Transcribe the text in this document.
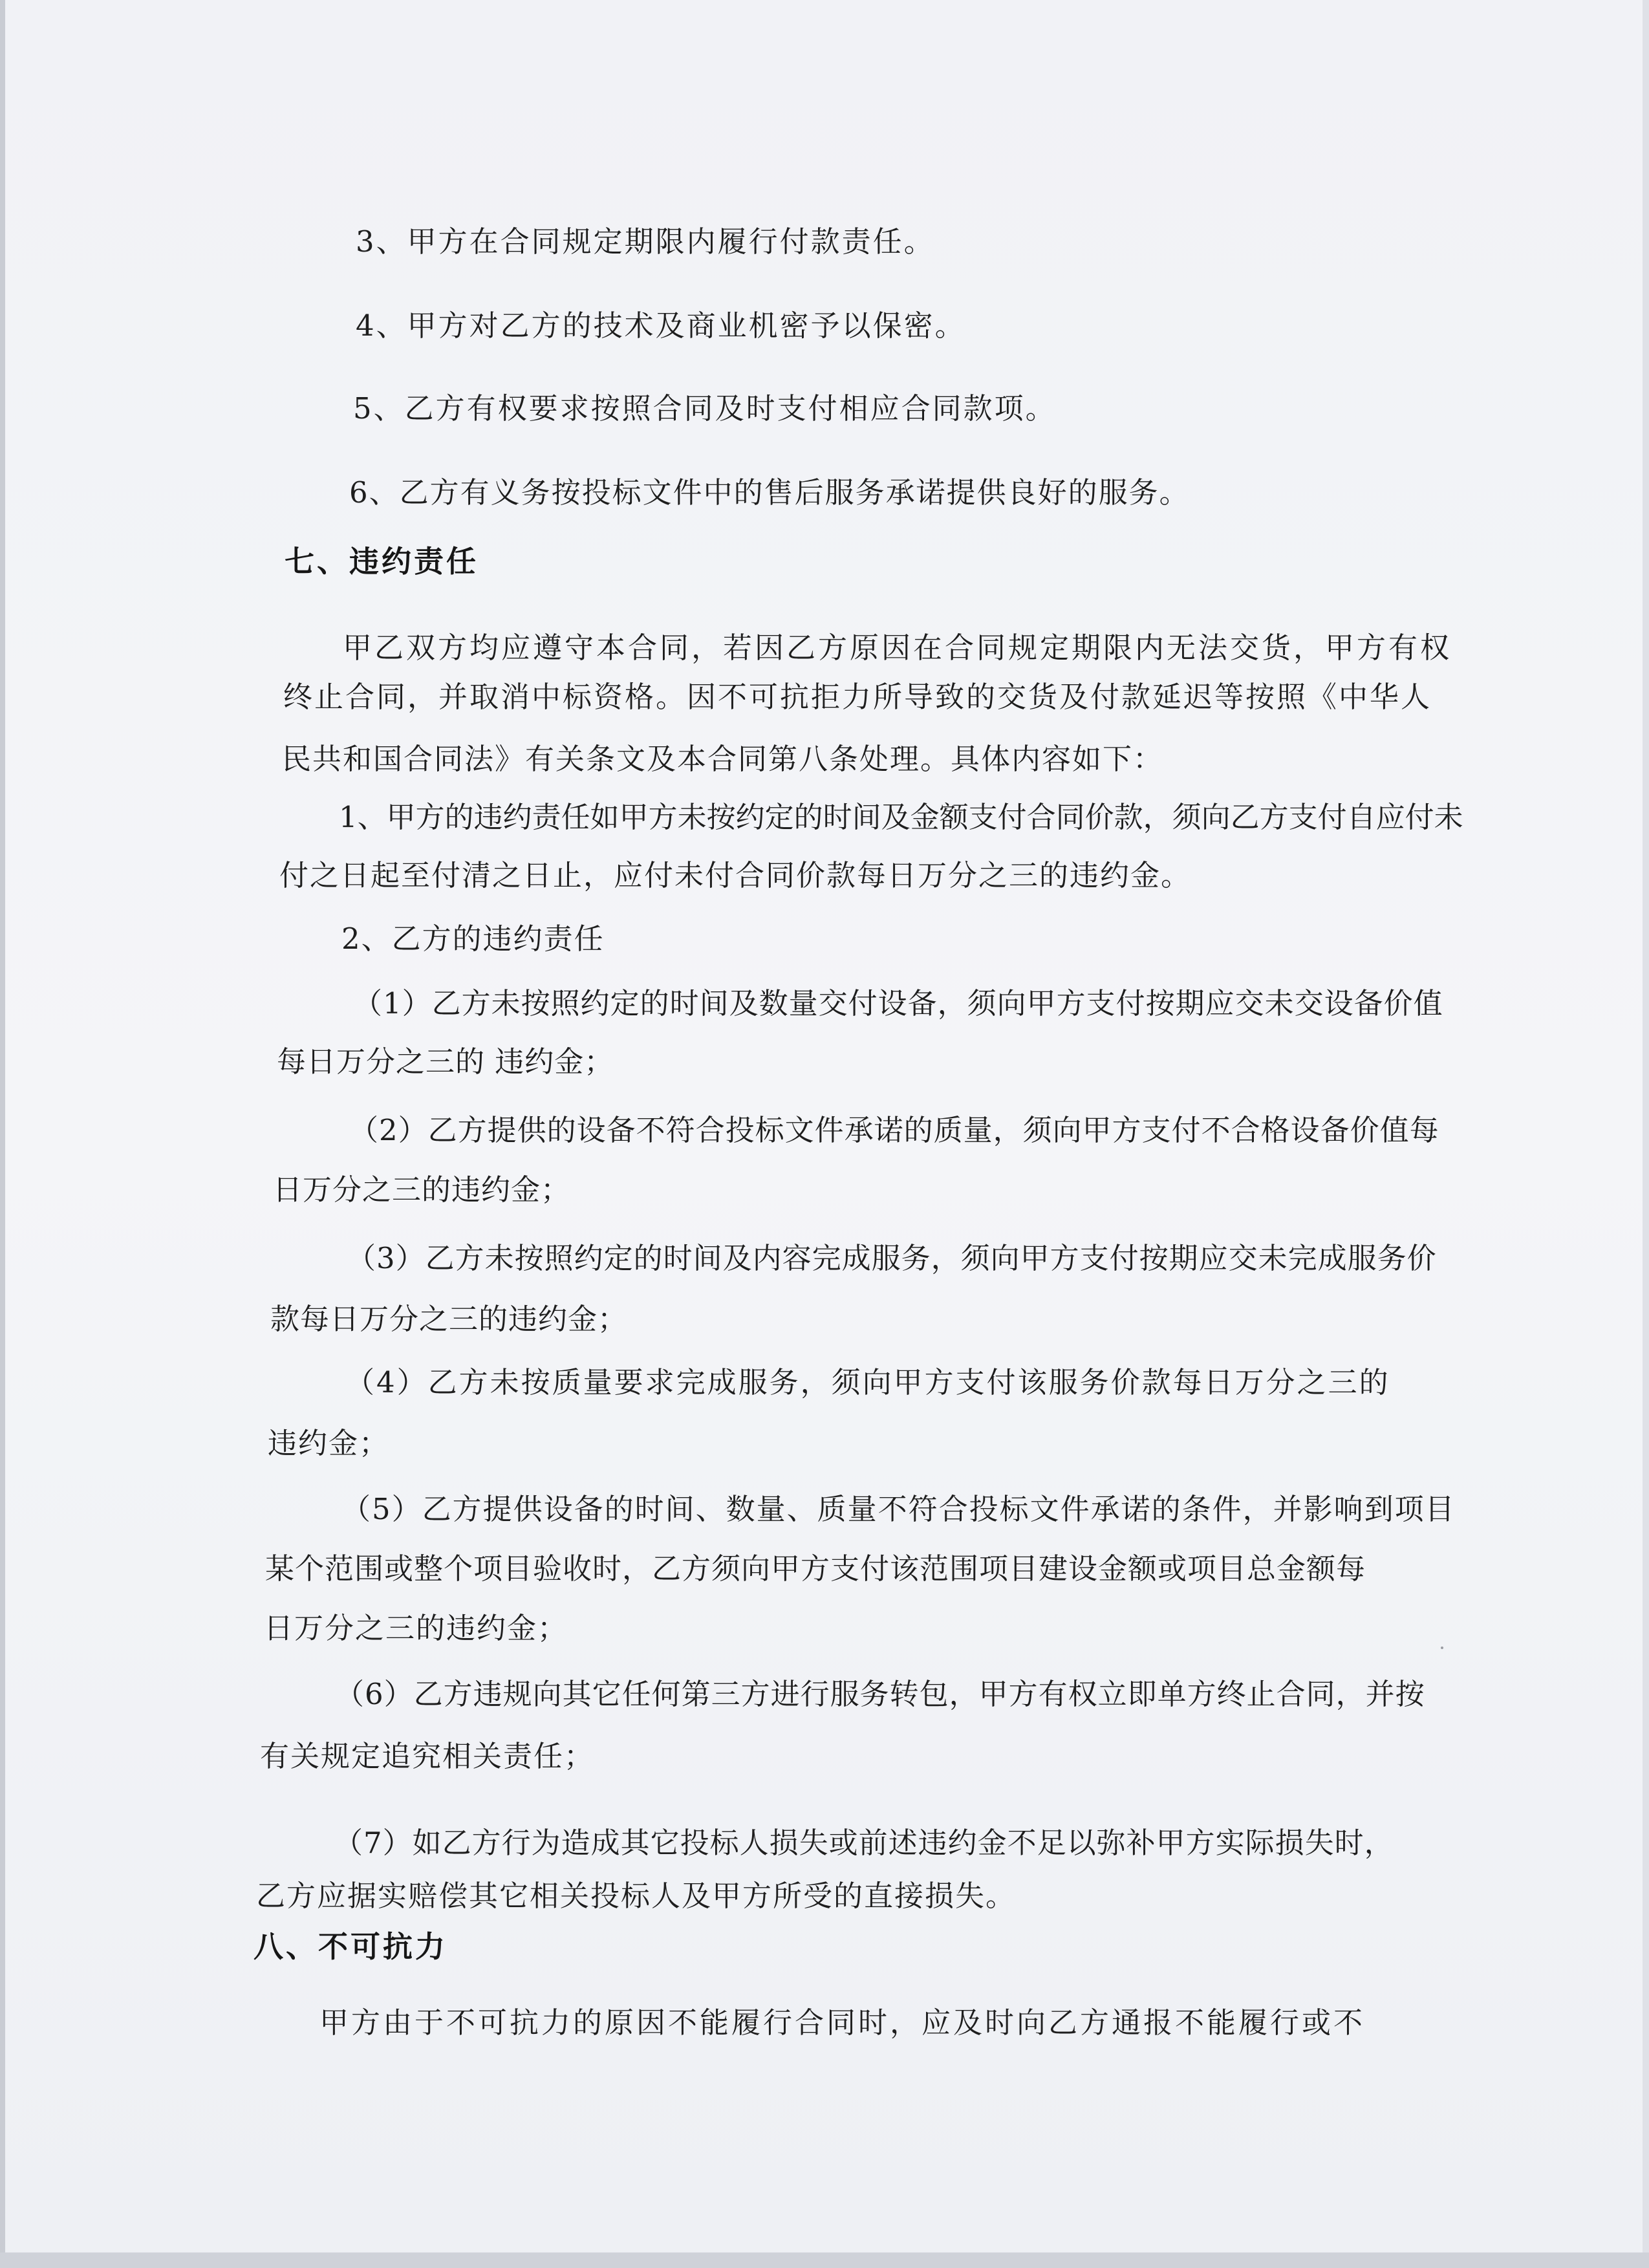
3、甲方在合同规定期限内履行付款责任。

4、甲方对乙方的技术及商业机密予以保密。

5、乙方有权要求按照合同及时支付相应合同款项。

6、乙方有义务按投标文件中的售后服务承诺提供良好的服务。

七、违约责任

甲乙双方均应遵守本合同，若因乙方原因在合同规定期限内无法交货，甲方有权

终止合同，并取消中标资格。因不可抗拒力所导致的交货及付款延迟等按照《中华人

民共和国合同法》有关条文及本合同第八条处理。具体内容如下：

1、甲方的违约责任如甲方未按约定的时间及金额支付合同价款，须向乙方支付自应付未

付之日起至付清之日止，应付未付合同价款每日万分之三的违约金。

2、乙方的违约责任

（1）乙方未按照约定的时间及数量交付设备，须向甲方支付按期应交未交设备价值

每日万分之三的 违约金；

（2）乙方提供的设备不符合投标文件承诺的质量，须向甲方支付不合格设备价值每

日万分之三的违约金；

（3）乙方未按照约定的时间及内容完成服务，须向甲方支付按期应交未完成服务价

款每日万分之三的违约金；

（4）乙方未按质量要求完成服务，须向甲方支付该服务价款每日万分之三的

违约金；

（5）乙方提供设备的时间、数量、质量不符合投标文件承诺的条件，并影响到项目

某个范围或整个项目验收时，乙方须向甲方支付该范围项目建设金额或项目总金额每

日万分之三的违约金；

（6）乙方违规向其它任何第三方进行服务转包，甲方有权立即单方终止合同，并按

有关规定追究相关责任；

（7）如乙方行为造成其它投标人损失或前述违约金不足以弥补甲方实际损失时，

乙方应据实赔偿其它相关投标人及甲方所受的直接损失。

八、不可抗力

甲方由于不可抗力的原因不能履行合同时，应及时向乙方通报不能履行或不
